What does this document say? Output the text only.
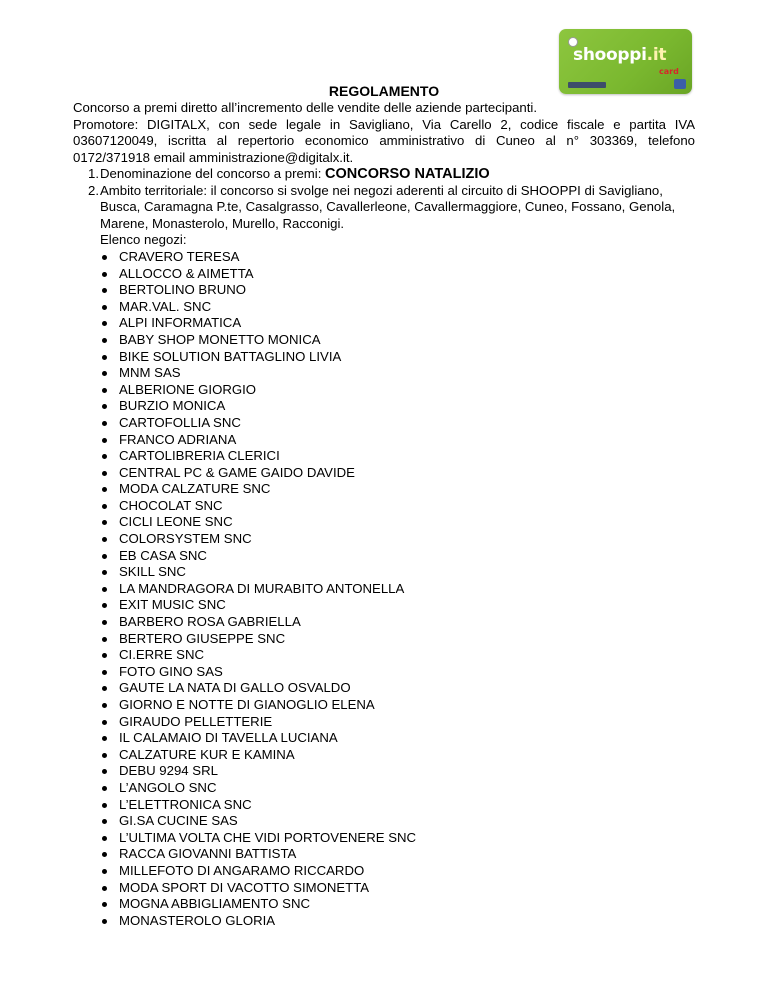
shooppi.it
card
REGOLAMENTO

Concorso a premi diretto all’incremento delle vendite delle aziende partecipanti.

Promotore: DIGITALX, con sede legale in Savigliano, Via Carello 2, codice fiscale e partita IVA 03607120049, iscritta al repertorio economico amministrativo di Cuneo al n° 303369, telefono 0172/371918 email amministrazione@digitalx.it.

1. Denominazione del concorso a premi: CONCORSO NATALIZIO
2. Ambito territoriale: il concorso si svolge nei negozi aderenti al circuito di SHOOPPI di Savigliano,
Busca, Caramagna P.te, Casalgrasso, Cavallerleone, Cavallermaggiore, Cuneo, Fossano, Genola,
Marene, Monasterolo, Murello, Racconigi.
Elenco negozi:
CRAVERO TERESA
ALLOCCO & AIMETTA
BERTOLINO BRUNO
MAR.VAL. SNC
ALPI INFORMATICA
BABY SHOP MONETTO MONICA
BIKE SOLUTION BATTAGLINO LIVIA
MNM SAS
ALBERIONE GIORGIO
BURZIO MONICA
CARTOFOLLIA SNC
FRANCO ADRIANA
CARTOLIBRERIA CLERICI
CENTRAL PC & GAME GAIDO DAVIDE
MODA CALZATURE SNC
CHOCOLAT SNC
CICLI LEONE SNC
COLORSYSTEM SNC
EB CASA SNC
SKILL SNC
LA MANDRAGORA DI MURABITO ANTONELLA
EXIT MUSIC SNC
BARBERO ROSA GABRIELLA
BERTERO GIUSEPPE SNC
CI.ERRE SNC
FOTO GINO SAS
GAUTE LA NATA DI GALLO OSVALDO
GIORNO E NOTTE DI GIANOGLIO ELENA
GIRAUDO PELLETTERIE
IL CALAMAIO DI TAVELLA LUCIANA
CALZATURE KUR E KAMINA
DEBU 9294 SRL
L’ANGOLO SNC
L’ELETTRONICA SNC
GI.SA CUCINE SAS
L’ULTIMA VOLTA CHE VIDI PORTOVENERE SNC
RACCA GIOVANNI BATTISTA
MILLEFOTO DI ANGARAMO RICCARDO
MODA SPORT DI VACOTTO SIMONETTA
MOGNA ABBIGLIAMENTO SNC
MONASTEROLO GLORIA
